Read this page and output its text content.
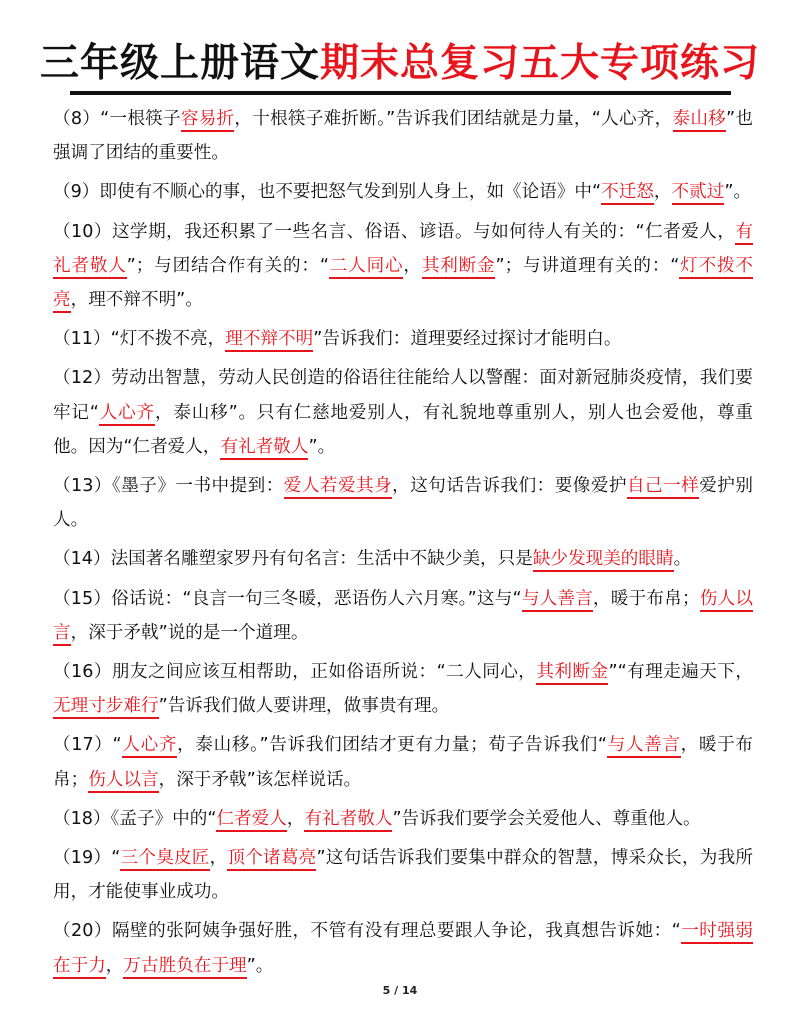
三年级上册语文期末总复习五大专项练习
（8）“一根筷子容易折，十根筷子难折断。”告诉我们团结就是力量，“人心齐，泰山移”也强调了团结的重要性。
（9）即使有不顺心的事，也不要把怒气发到别人身上，如《论语》中“不迁怒，不贰过”。
（10）这学期，我还积累了一些名言、俗语、谚语。与如何待人有关的：“仁者爱人，有礼者敬人”；与团结合作有关的：“二人同心，其利断金”；与讲道理有关的：“灯不拨不亮，理不辩不明”。
（11）“灯不拨不亮，理不辩不明”告诉我们：道理要经过探讨才能明白。
（12）劳动出智慧，劳动人民创造的俗语往往能给人以警醒：面对新冠肺炎疫情，我们要牢记“人心齐，泰山移”。只有仁慈地爱别人，有礼貌地尊重别人，别人也会爱他，尊重他。因为“仁者爱人，有礼者敬人”。
（13）《墨子》一书中提到：爱人若爱其身，这句话告诉我们：要像爱护自己一样爱护别人。
（14）法国著名雕塑家罗丹有句名言：生活中不缺少美，只是缺少发现美的眼睛。
（15）俗话说：“良言一句三冬暖，恶语伤人六月寒。”这与“与人善言，暖于布帛；伤人以言，深于矛戟”说的是一个道理。
（16）朋友之间应该互相帮助，正如俗语所说：“二人同心，其利断金”“有理走遍天下，无理寸步难行”告诉我们做人要讲理，做事贵有理。
（17）“人心齐，泰山移。”告诉我们团结才更有力量；荀子告诉我们“与人善言，暖于布帛；伤人以言，深于矛戟”该怎样说话。
（18）《孟子》中的“仁者爱人，有礼者敬人”告诉我们要学会关爱他人、尊重他人。
（19）“三个臭皮匠，顶个诸葛亮”这句话告诉我们要集中群众的智慧，博采众长，为我所用，才能使事业成功。
（20）隔壁的张阿姨争强好胜，不管有没有理总要跟人争论，我真想告诉她：“一时强弱在于力，万古胜负在于理”。
5 / 14
